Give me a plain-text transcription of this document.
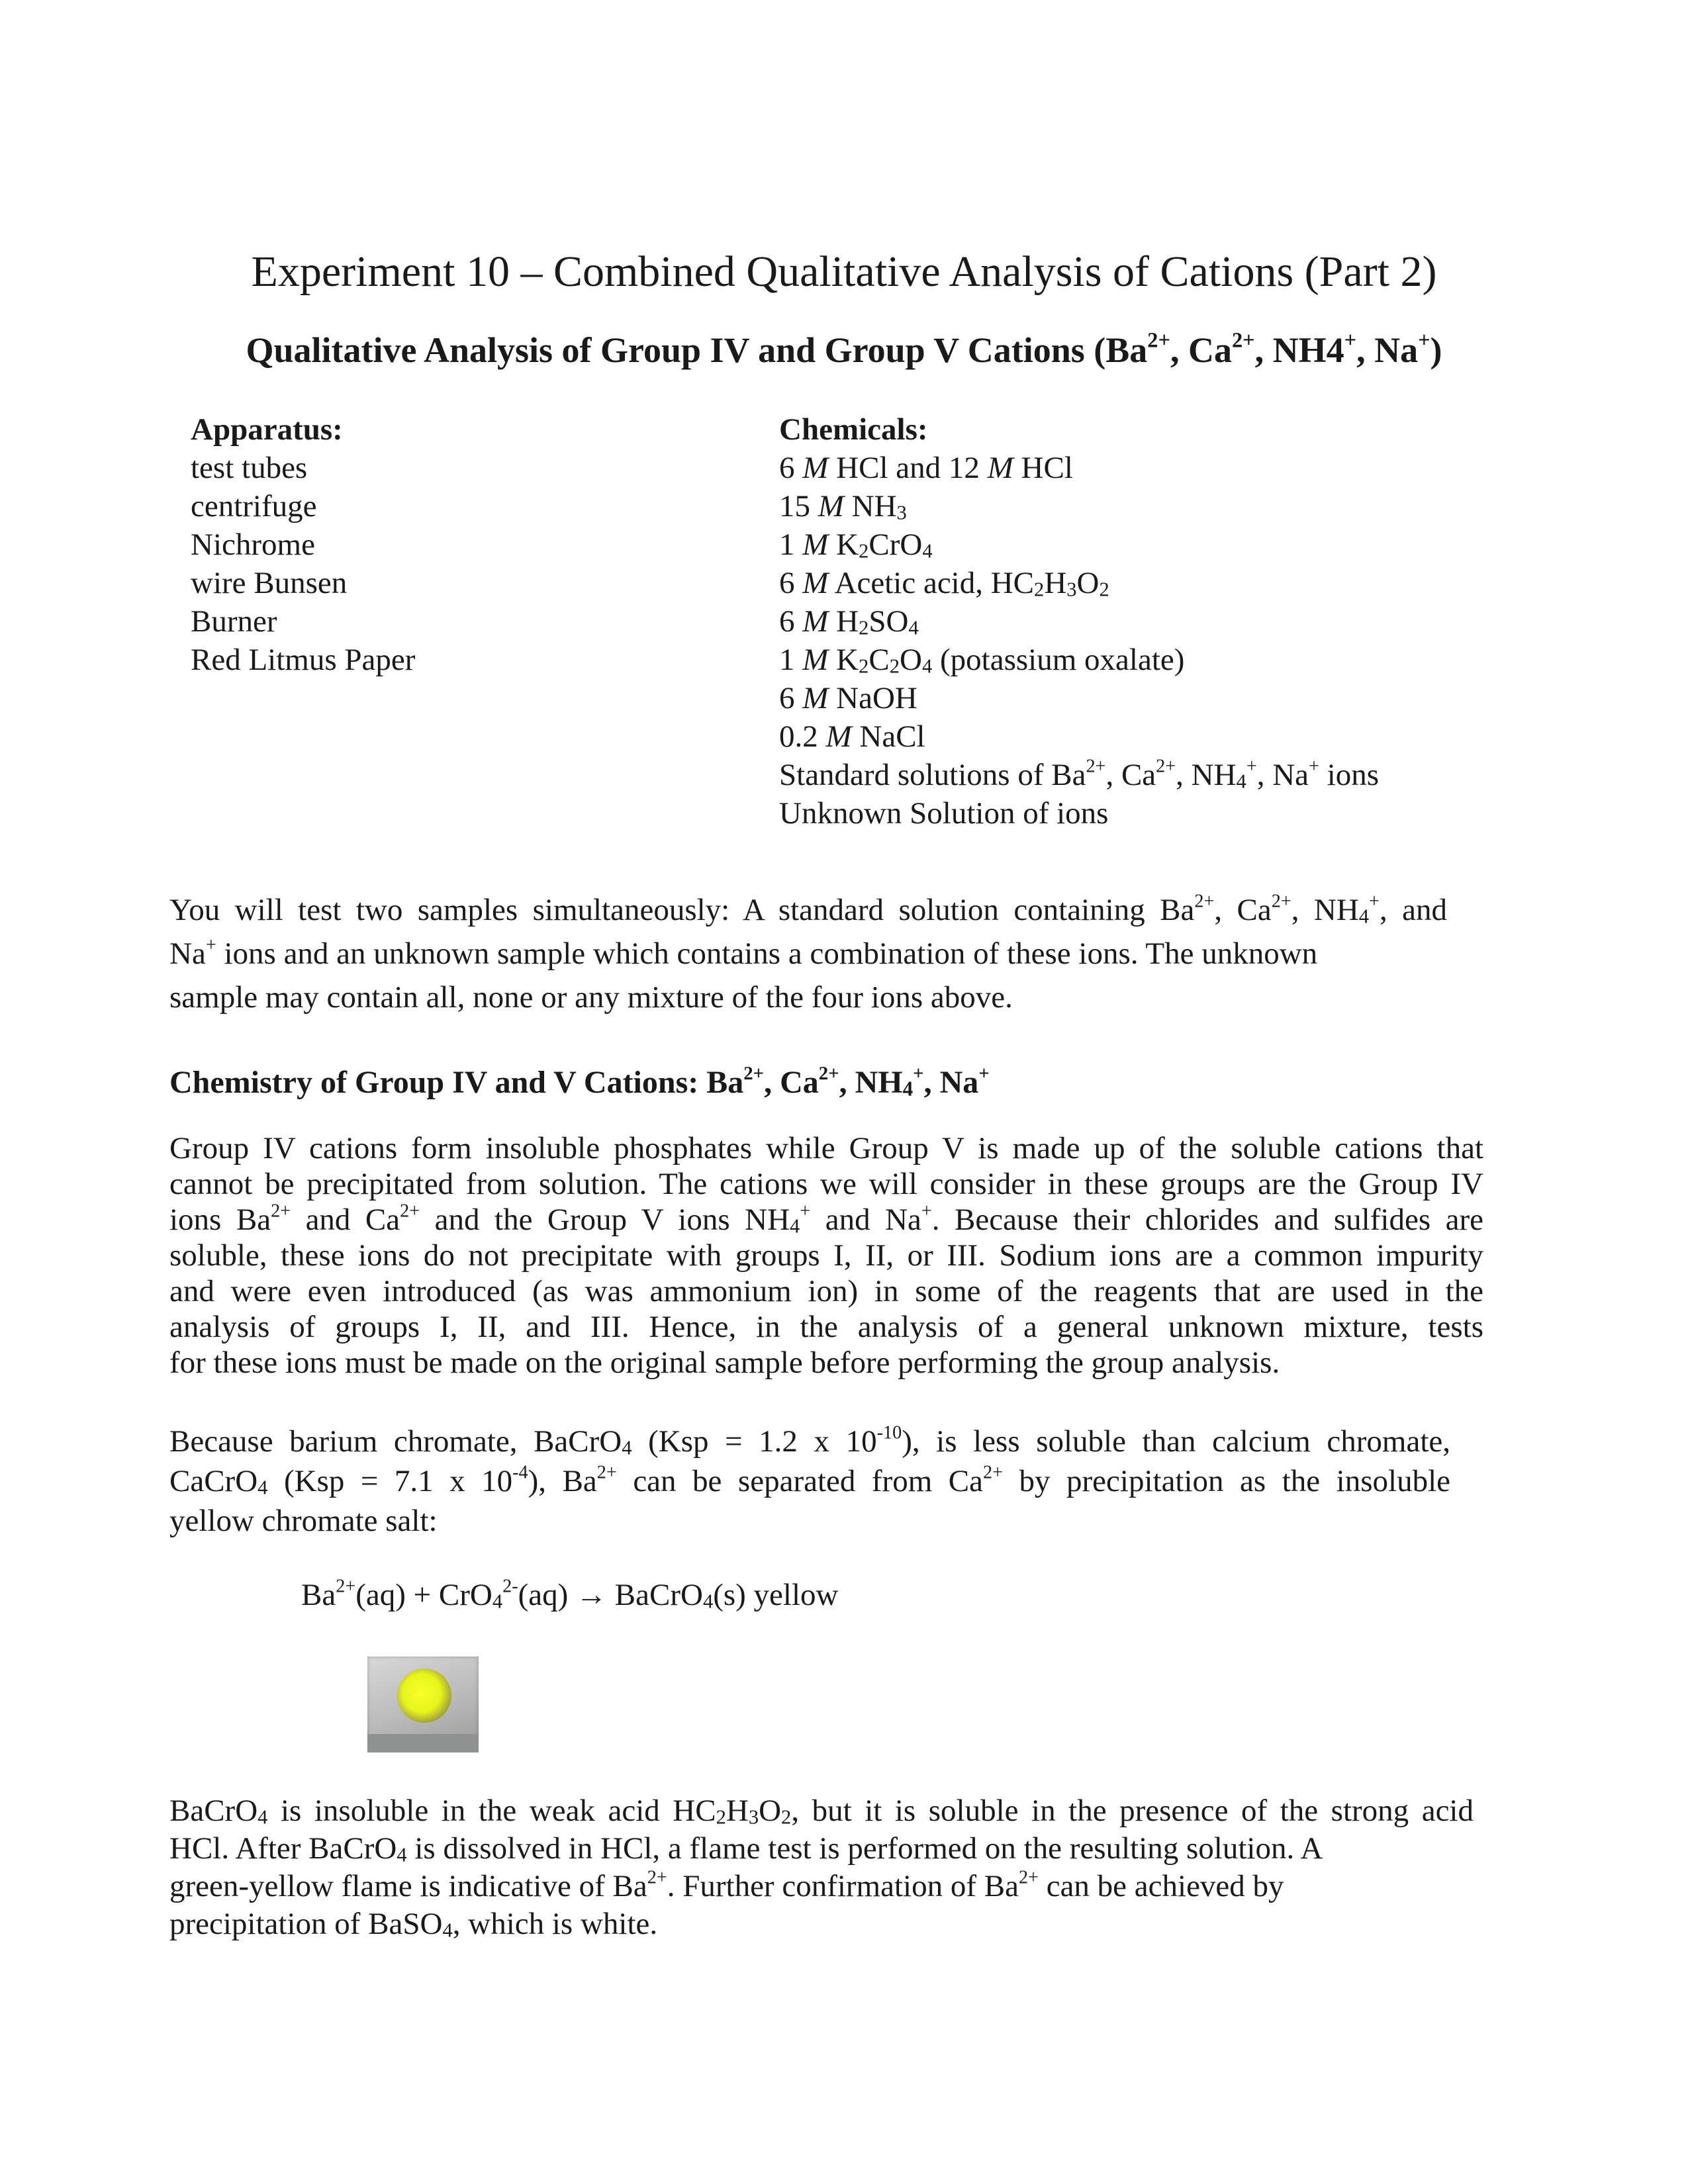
Experiment 10 – Combined Qualitative Analysis of Cations (Part 2)
Qualitative Analysis of Group IV and Group V Cations ($Ba^{2+}$, $Ca^{2+}$, NH4+, Na+)
Apparatus:
test tubes
centrifuge
Nichrome
wire Bunsen
Burner
Red Litmus Paper
Chemicals:
6 M HCl and 12 M HCl
15 M $NH_3$
1 M $K_2CrO_4$
6 M Acetic acid, $HC_2H_3O_2$
6 M $H_2SO_4$
1 M $K_2C_2O_4$ (potassium oxalate)
6 M NaOH
0.2 M NaCl
Standard solutions of $Ba^{2+}$, $Ca^{2+}$, $NH_4^+$, Na+ ions
Unknown Solution of ions
You will test two samples simultaneously: A standard solution containing $Ba^{2+}$, $Ca^{2+}$, $NH_4^+$, and
Na+ ions and an unknown sample which contains a combination of these ions. The unknown
sample may contain all, none or any mixture of the four ions above.
Chemistry of Group IV and V Cations: $Ba^{2+}$, $Ca^{2+}$, $NH_4^+$, Na+
Group IV cations form insoluble phosphates while Group V is made up of the soluble cations that
cannot be precipitated from solution. The cations we will consider in these groups are the Group IV
ions $Ba^{2+}$ and $Ca^{2+}$ and the Group V ions $NH_4^+$ and Na+. Because their chlorides and sulfides are
soluble, these ions do not precipitate with groups I, II, or III. Sodium ions are a common impurity
and were even introduced (as was ammonium ion) in some of the reagents that are used in the
analysis of groups I, II, and III. Hence, in the analysis of a general unknown mixture, tests
for these ions must be made on the original sample before performing the group analysis.
Because barium chromate, BaCrO$_4$ (Ksp = 1.2 x $10^{-10}$), is less soluble than calcium chromate,
CaCrO$_4$ (Ksp = 7.1 x $10^{-4}$), $Ba^{2+}$ can be separated from $Ca^{2+}$ by precipitation as the insoluble
yellow chromate salt:
$Ba^{2+}(aq) + CrO_4^{2-}(aq)$ → BaCrO$_4$(s) yellow
BaCrO$_4$ is insoluble in the weak acid $HC_2H_3O_2$, but it is soluble in the presence of the strong acid
HCl. After BaCrO$_4$ is dissolved in HCl, a flame test is performed on the resulting solution. A
green-yellow flame is indicative of $Ba^{2+}$. Further confirmation of $Ba^{2+}$ can be achieved by
precipitation of BaSO$_4$, which is white.
